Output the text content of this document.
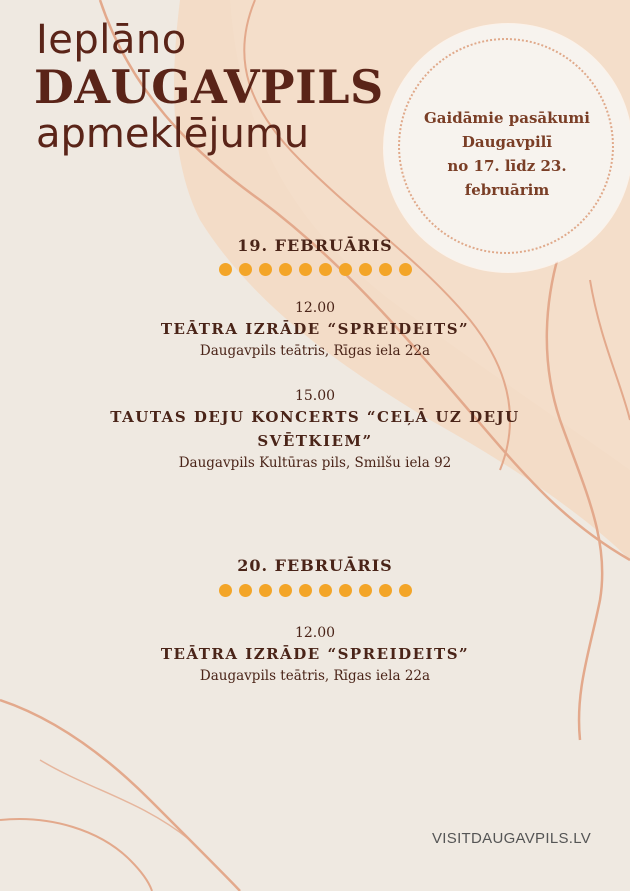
Ieplāno
DAUGAVPILS
apmeklējumu	Gaidāmie pasākumi
Daugavpilī
no 17. līdz 23.
februārim
19. FEBRUĀRIS
12.00
TEĀTRA IZRĀDE “SPREIDEITS”
Daugavpils teātris, Rīgas iela 22a
15.00
TAUTAS DEJU KONCERTS “CEĻĀ UZ DEJU SVĒTKIEM”
Daugavpils Kultūras pils, Smilšu iela 92
20. FEBRUĀRIS
12.00
TEĀTRA IZRĀDE “SPREIDEITS”
Daugavpils teātris, Rīgas iela 22a
VISITDAUGAVPILS.LV
